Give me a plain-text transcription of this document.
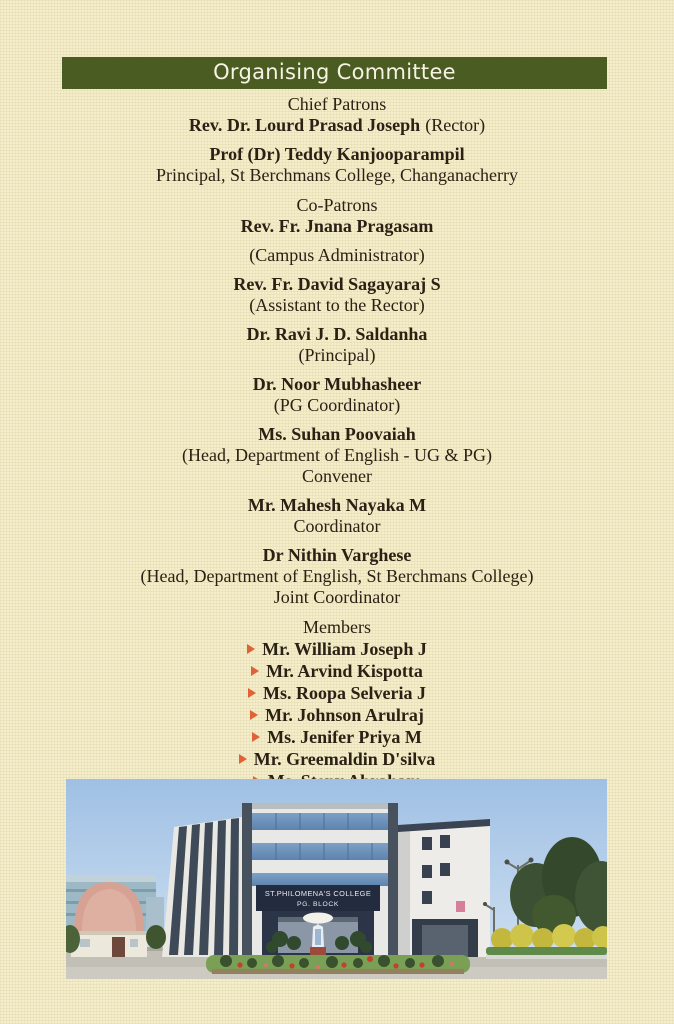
Organising Committee
Chief Patrons
Rev. Dr. Lourd Prasad Joseph (Rector)
Prof (Dr) Teddy Kanjooparampil
Principal, St Berchmans College, Changanacherry
Co-Patrons
Rev. Fr. Jnana Pragasam
(Campus Administrator)
Rev. Fr. David Sagayaraj S
(Assistant to the Rector)
Dr. Ravi J. D. Saldanha
(Principal)
Dr. Noor Mubhasheer
(PG Coordinator)
Ms. Suhan Poovaiah
(Head, Department of English - UG & PG)
Convener
Mr. Mahesh Nayaka M
Coordinator
Dr Nithin Varghese
(Head, Department of English, St Berchmans College)
Joint Coordinator
Members
Mr. William Joseph J
Mr. Arvind Kispotta
Ms. Roopa Selveria J
Mr. Johnson Arulraj
Ms. Jenifer Priya M
Mr. Greemaldin D'silva
ST.PHILOMENA'S COLLEGE
PG. BLOCK
